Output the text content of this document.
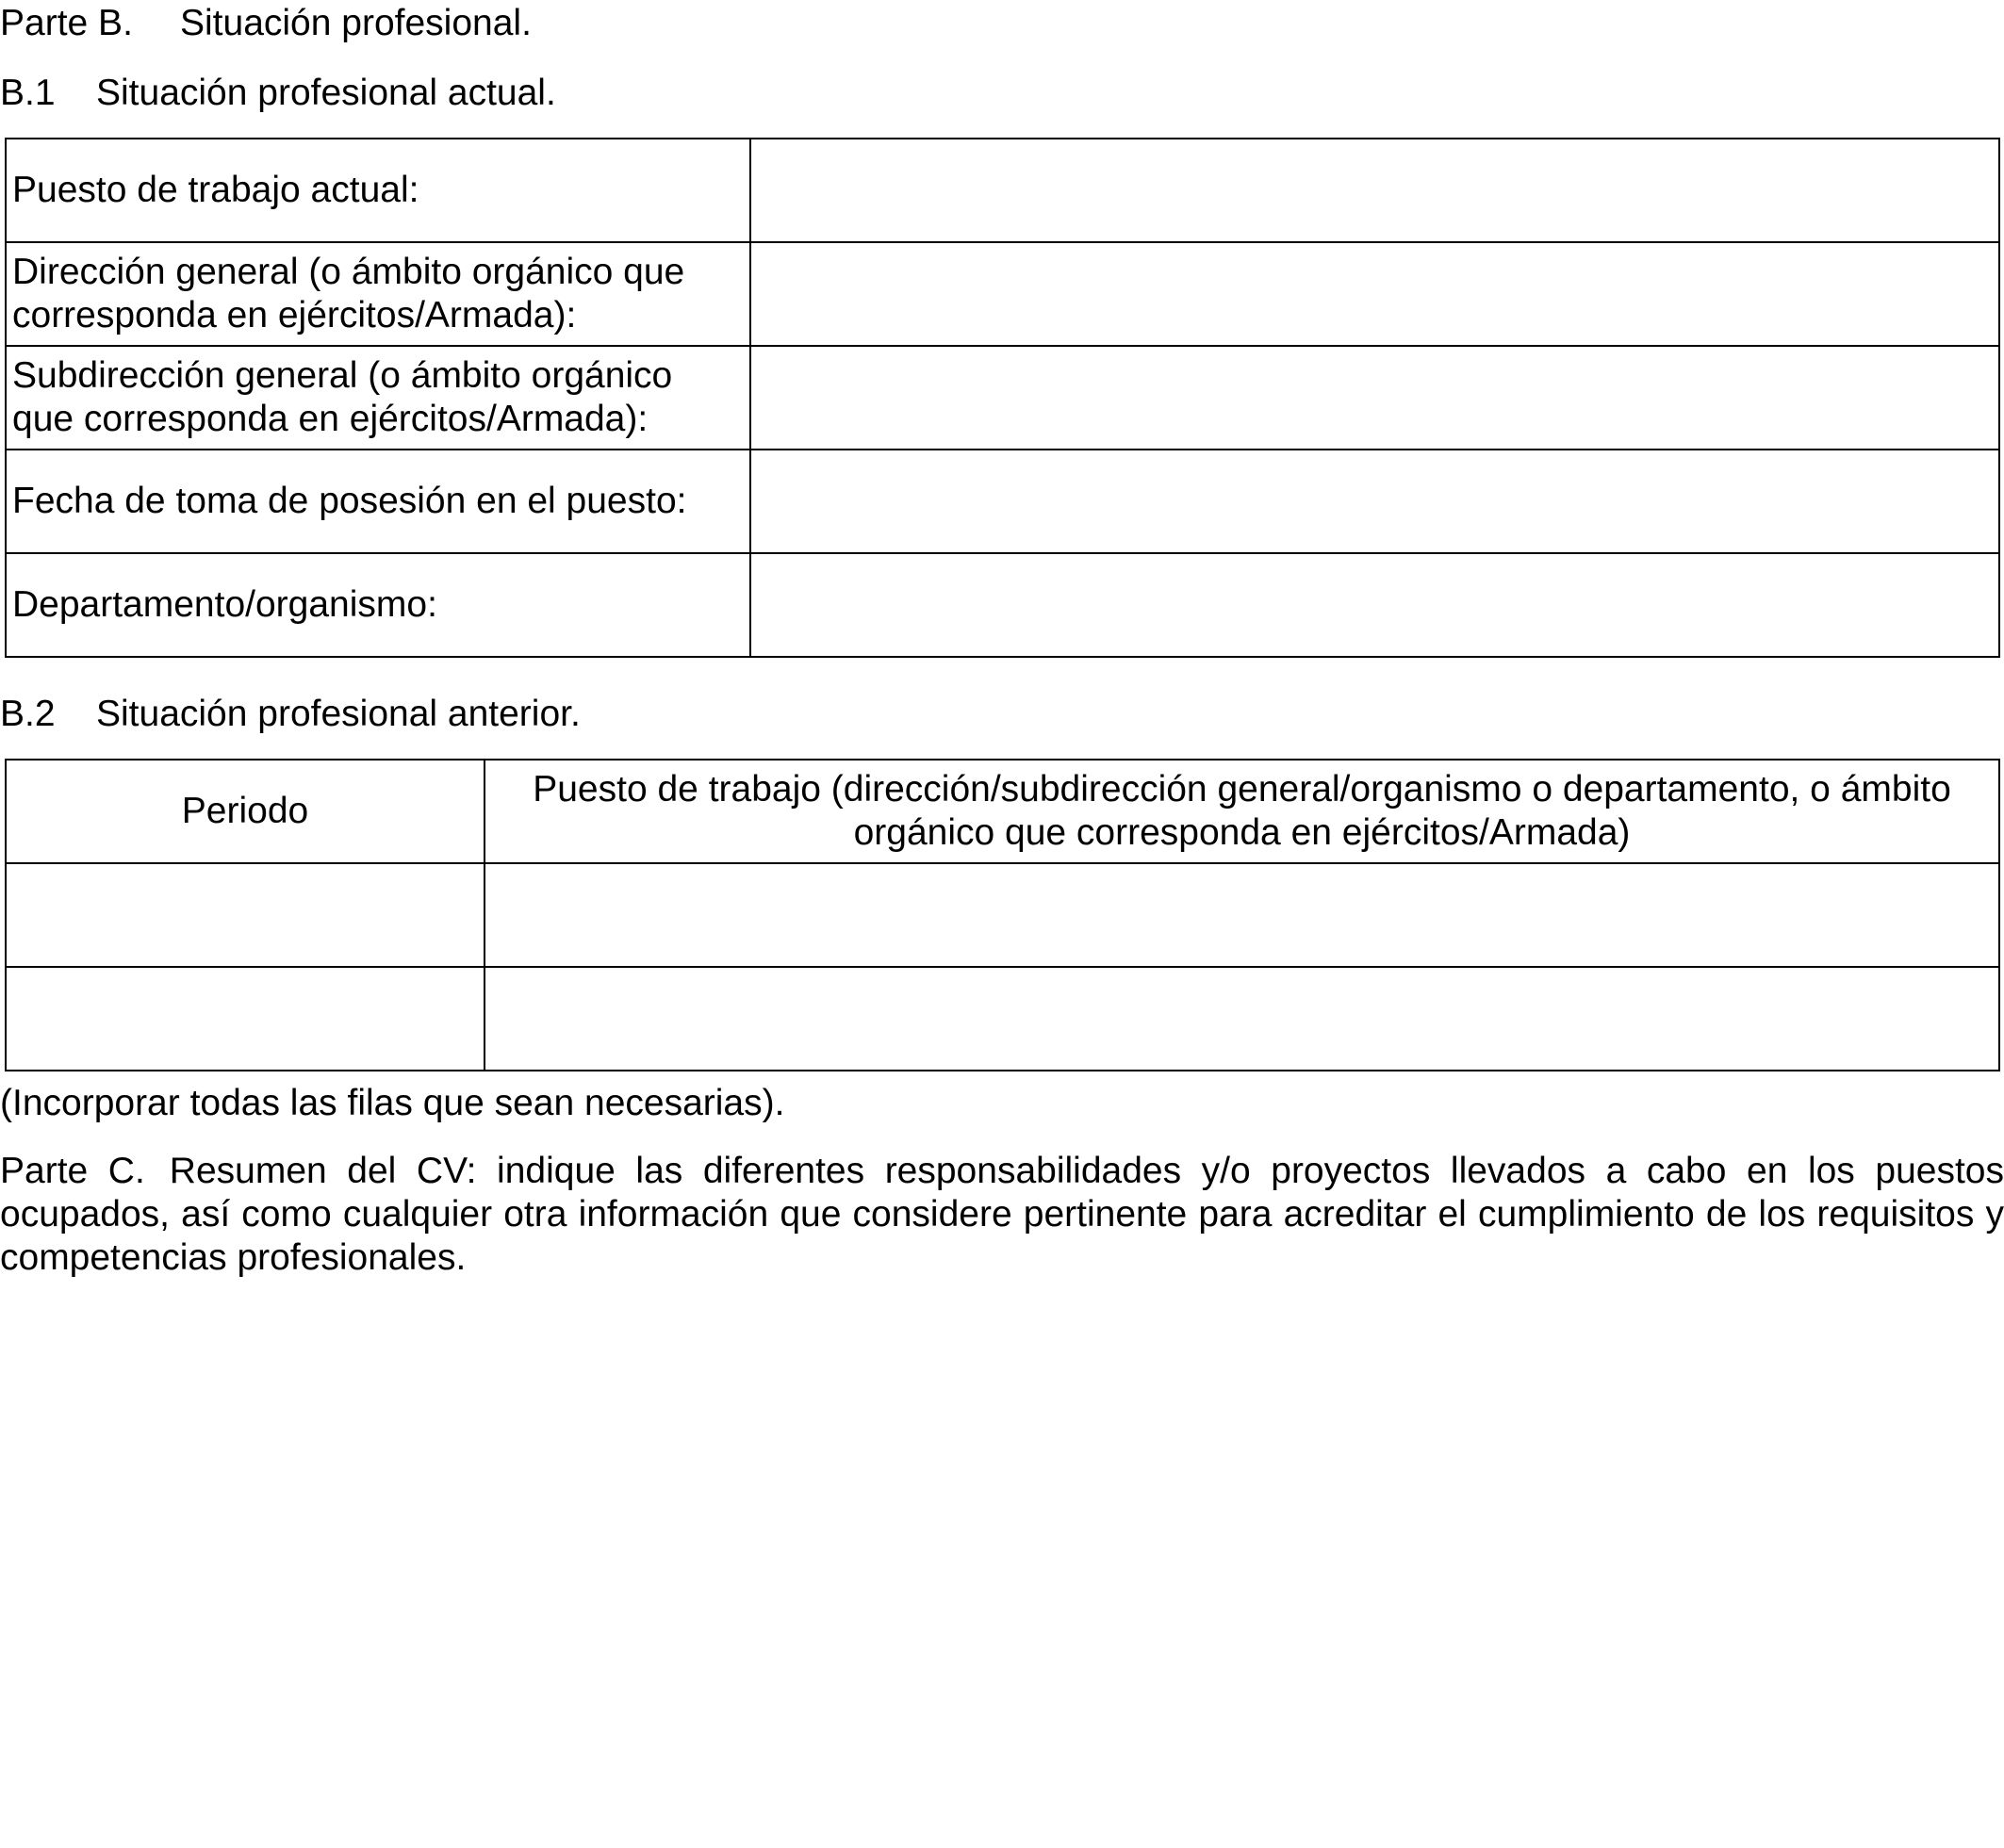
Parte B. Situación profesional.
B.1 Situación profesional actual.
Puesto de trabajo actual:	
Dirección general (o ámbito orgánico que corresponda en ejércitos/Armada):	
Subdirección general (o ámbito orgánico que corresponda en ejércitos/Armada):	
Fecha de toma de posesión en el puesto:	
Departamento/organismo:	
B.2 Situación profesional anterior.
Periodo	Puesto de trabajo (dirección/subdirección general/organismo o departamento, o ámbito orgánico que corresponda en ejércitos/Armada)

(Incorporar todas las filas que sean necesarias).
Parte C. Resumen del CV: indique las diferentes responsabilidades y/o proyectos llevados a cabo en los puestos ocupados, así como cualquier otra información que considere pertinente para acreditar el cumplimiento de los requisitos y competencias profesionales.
